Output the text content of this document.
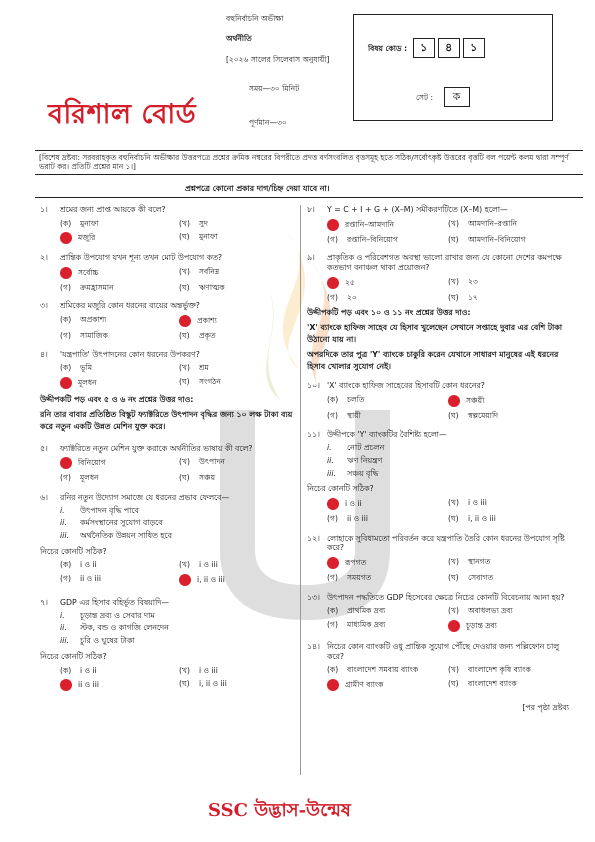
বহুনির্বাচনি অভীক্ষা
অর্থনীতি
[২০২৬ সালের সিলেবাস অনুযায়ী]
সময়—৩০ মিনিট
পূর্ণমান—৩০
বরিশাল বোর্ড
বিষয় কোড : ১ ৪ ১
সেট : ক
[বিশেষ দ্রষ্টব্য: সরবরাহকৃত বহুনির্বাচনি অভীক্ষার উত্তরপত্রে প্রশ্নের ক্রমিক নম্বরের বিপরীতে প্রদত্ত বর্ণসংবলিত বৃত্তসমূহ হতে সঠিক/সর্বোৎকৃষ্ট উত্তরের বৃত্তটি বল পয়েন্ট কলম দ্বারা সম্পূর্ণ ভরাট কর। প্রতিটি প্রশ্নের মান ১।]
প্রশ্নপত্রে কোনো প্রকার দাগ/চিহ্ন দেয়া যাবে না।
১।	শ্রমের জন্য প্রাপ্ত আয়কে কী বলে?
(ক) মুনাফা	(খ) সুদ
মজুরি	(ঘ) মুনাফা
২।	প্রান্তিক উপযোগ যখন শূন্য তখন মোট উপযোগ কত?
সর্বোচ্চ	(খ) সর্বনিম্ন
(গ) ক্রমহ্রাসমান	(ঘ) ঋণাত্মক
৩।	শ্রমিকের মজুরি কোন ধরনের ব্যয়ের অন্তর্ভুক্ত?
(ক) অপ্রকাশ্য	প্রকাশ্য
(গ) সামাজিক	(ঘ) প্রকৃত
৪।	'যন্ত্রপাতি' উৎপাদনের কোন ধরনের উপকরণ?
(ক) ভূমি	(খ) শ্রম
মূলধন	(ঘ) সংগঠন
উদ্দীপকটি পড় এবং ৫ ও ৬ নং প্রশ্নের উত্তর দাও:
রনি তার বাবার প্রতিষ্ঠিত বিস্কুট ফ্যাক্টরিতে উৎপাদন বৃদ্ধির জন্য ১০ লক্ষ টাকা ব্যয় করে নতুন একটি উন্নত মেশিন যুক্ত করে।
৫।	ফ্যাক্টরিতে নতুন মেশিন যুক্ত করাকে অর্থনীতির ভাষায় কী বলে?
বিনিয়োগ	(খ) উৎপাদন
(গ) মূলধন	(ঘ) সঞ্চয়
৬।	রনির নতুন উদ্যোগ সমাজে যে ধরনের প্রভাব ফেলবে—
i. উৎপাদন বৃদ্ধি পাবে
ii. কর্মসংস্থানের সুযোগ বাড়বে
iii. অর্থনৈতিক উন্নয়ন সাধিত হবে
নিচের কোনটি সঠিক?
(ক) i ও ii	(খ) i ও iii
(গ) ii ও iii	i, ii ও iii
৭।	GDP এর হিসাব বহির্ভূত বিষয়াদি—
i. চূড়ান্ত দ্রব্য ও সেবার দাম
ii. স্টক, বন্ড ও কাগজি লেনদেন
iii. চুরি ও ঘুষের টাকা
নিচের কোনটি সঠিক?
(ক) i ও ii	(খ) i ও iii
ii ও iii	(ঘ) i, ii ও iii
৮।	Y = C + I + G + (X–M) সমীকরণটিতে (X–M) হলো—
রপ্তানি–আমদানি	(খ) আমদানি–রপ্তানি
(গ) রপ্তানি–বিনিয়োগ	(ঘ) আমদানি–বিনিয়োগ
৯।	প্রাকৃতিক ও পরিবেশগত অবস্থা ভালো রাখার জন্য যে কোনো দেশের কমপক্ষে কতভাগ বনাঞ্চল থাকা প্রয়োজন?
২৫	(খ) ২৩
(গ) ২০	(ঘ) ১৭
উদ্দীপকটি পড় এবং ১০ ও ১১ নং প্রশ্নের উত্তর দাও:
'X' ব্যাংকে হাফিজ সাহেব যে হিসাব খুলেছেন সেখানে সপ্তাহে দুবার এর বেশি টাকা উঠানো যায় না।
অপরদিকে তার পুত্র 'Y' ব্যাংকে চাকুরি করেন যেখানে সাধারণ মানুষের এই ধরনের হিসাব খোলার সুযোগ নেই।
১০। 'X' ব্যাংকে হাফিজ সাহেবের হিসাবটি কোন ধরনের?
(ক) চলতি	সঞ্চয়ী
(গ) স্থায়ী	(ঘ) স্বল্পমেয়াদি
১১। উদ্দীপকে 'Y' ব্যাংকটির বৈশিষ্ট্য হলো—
i. নোট প্রচলন
ii. ঋণ নিয়ন্ত্রণ
iii. সঞ্চয় বৃদ্ধি
নিচের কোনটি সঠিক?
i ও ii	(খ) i ও iii
(গ) ii ও iii	(ঘ) i, ii ও iii
১২। লোহাকে সুবিধামতো পরিবর্তন করে যন্ত্রপাতি তৈরি কোন ধরনের উপযোগ সৃষ্টি করে?
রূপগত	(খ) স্থানগত
(গ) সময়গত	(ঘ) সেবাগত
১৩। উৎপাদন পদ্ধতিতে GDP হিসেবের ক্ষেত্রে নিচের কোনটি বিবেচনায় আনা হয়?
(ক) প্রাথমিক দ্রব্য	(খ) অবাধলভ্য দ্রব্য
(গ) মাধ্যমিক দ্রব্য	চূড়ান্ত দ্রব্য
১৪। নিচের কোন ব্যাংকটি ওধু প্রান্তিক সুযোগ পৌঁছে দেওয়ার জন্য পল্লিফোন চালু করে?
(ক) বাংলাদেশ সমবায় ব্যাংক	(খ) বাংলাদেশ কৃষি ব্যাংক
গ্রামীণ ব্যাংক	(ঘ) বাংলাদেশ ব্যাংক
[পর পৃষ্ঠা দ্রষ্টব্য
SSC উদ্ভাস-উন্মেষ
